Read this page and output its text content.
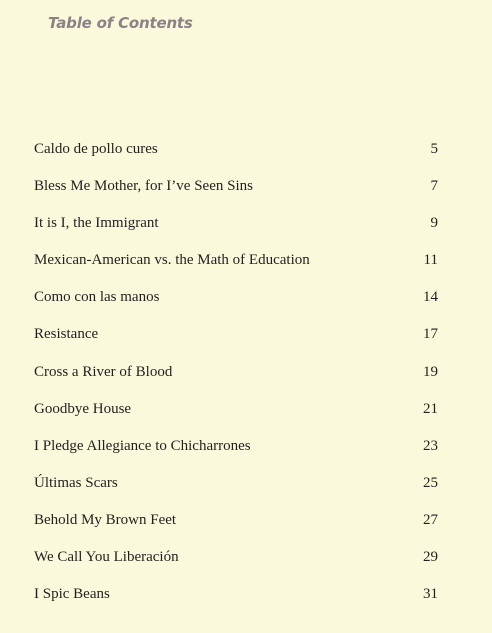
Table of Contents
Caldo de pollo cures	5
Bless Me Mother, for I’ve Seen Sins	7
It is I, the Immigrant	9
Mexican-American vs. the Math of Education	11
Como con las manos	14
Resistance	17
Cross a River of Blood	19
Goodbye House	21
I Pledge Allegiance to Chicharrones	23
Últimas Scars	25
Behold My Brown Feet	27
We Call You Liberación	29
I Spic Beans	31
